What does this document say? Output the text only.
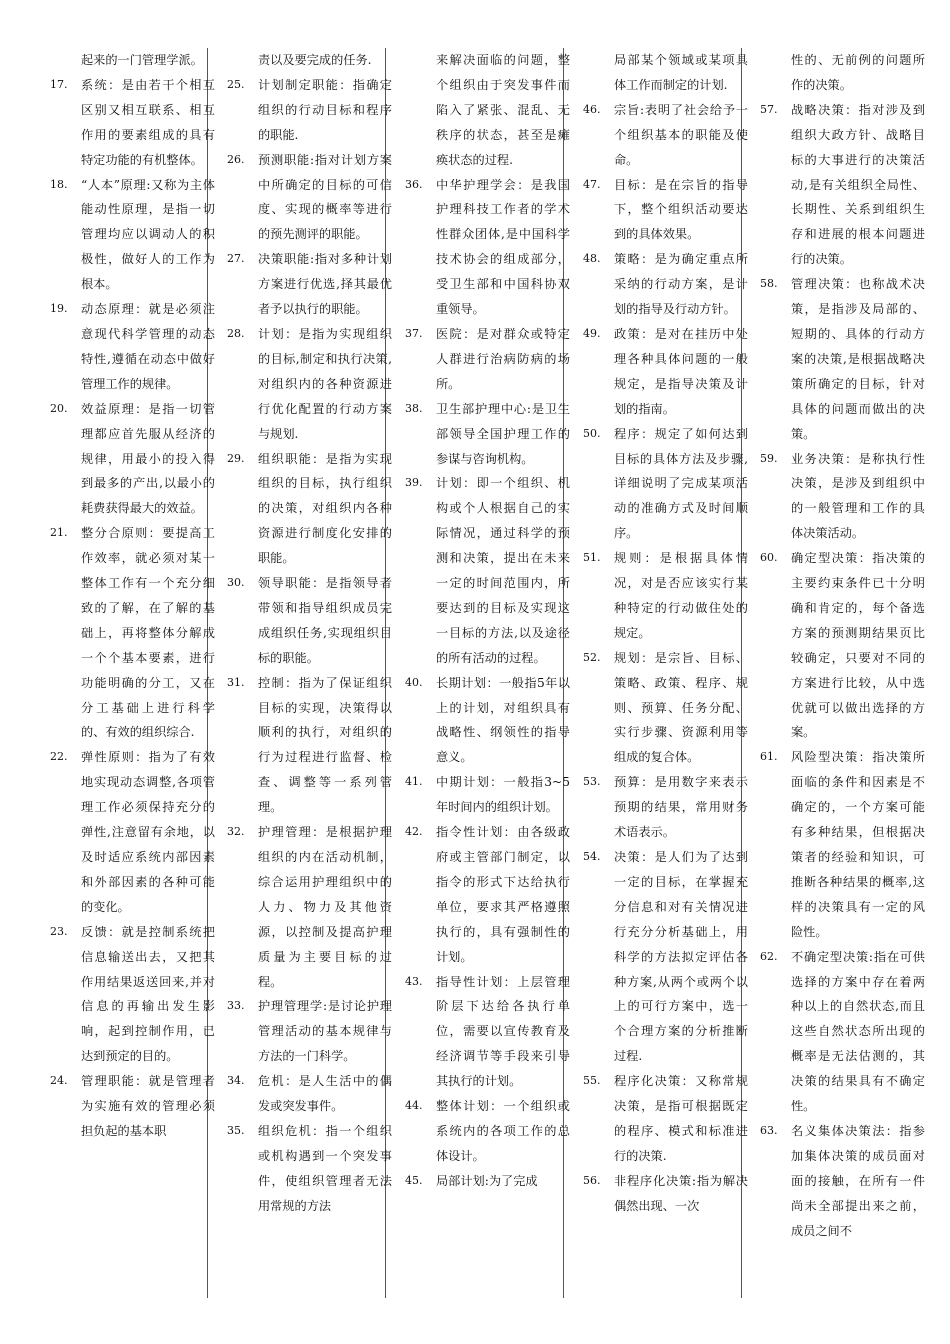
起来的一门管理学派。
17.	系统：是由若干个相互区别又相互联系、相互作用的要素组成的具有特定功能的有机整体。
18.	“人本”原理:又称为主体能动性原理，是指一切管理均应以调动人的积极性，做好人的工作为根本。
19.	动态原理：就是必须注意现代科学管理的动态特性,遵循在动态中做好管理工作的规律。
20.	效益原理：是指一切管理都应首先服从经济的规律，用最小的投入得到最多的产出,以最小的耗费获得最大的效益。
21.	整分合原则：要提高工作效率，就必须对某一整体工作有一个充分细致的了解，在了解的基础上，再将整体分解成一个个基本要素，进行功能明确的分工，又在分工基础上进行科学的、有效的组织综合.
22.	弹性原则：指为了有效地实现动态调整,各项管理工作必须保持充分的弹性,注意留有余地，以及时适应系统内部因素和外部因素的各种可能的变化。
23.	反馈：就是控制系统把信息输送出去，又把其作用结果返送回来,并对信息的再输出发生影响，起到控制作用，已达到预定的目的。
24.	管理职能：就是管理者为实施有效的管理必须担负起的基本职
责以及要完成的任务.
25.	计划制定职能：指确定组织的行动目标和程序的职能.
26.	预测职能:指对计划方案中所确定的目标的可信度、实现的概率等进行的预先测评的职能。
27.	决策职能:指对多种计划方案进行优选,择其最优者予以执行的职能。
28.	计划：是指为实现组织的目标,制定和执行决策,对组织内的各种资源进行优化配置的行动方案与规划.
29.	组织职能：是指为实现组织的目标，执行组织的决策，对组织内各种资源进行制度化安排的职能。
30.	领导职能：是指领导者带领和指导组织成员完成组织任务,实现组织目标的职能。
31.	控制：指为了保证组织目标的实现，决策得以顺利的执行，对组织的行为过程进行监督、检查、调整等一系列管理。
32.	护理管理：是根据护理组织的内在活动机制，综合运用护理组织中的人力、物力及其他资源，以控制及提高护理质量为主要目标的过程。
33.	护理管理学:是讨论护理管理活动的基本规律与方法的一门科学。
34.	危机：是人生活中的偶发或突发事件。
35.	组织危机：指一个组织或机构遇到一个突发事件，使组织管理者无法用常规的方法
来解决面临的问题，整个组织由于突发事件而陷入了紧张、混乱、无秩序的状态，甚至是瘫痪状态的过程.
36.	中华护理学会：是我国护理科技工作者的学术性群众团体,是中国科学技术协会的组成部分，受卫生部和中国科协双重领导。
37.	医院：是对群众或特定人群进行治病防病的场所。
38.	卫生部护理中心:是卫生部领导全国护理工作的参谋与咨询机构。
39.	计划：即一个组织、机构或个人根据自己的实际情况，通过科学的预测和决策，提出在未来一定的时间范围内，所要达到的目标及实现这一目标的方法,以及途径的所有活动的过程。
40.	长期计划：一般指5年以上的计划，对组织具有战略性、纲领性的指导意义。
41.	中期计划：一般指3~5年时间内的组织计划。
42.	指令性计划：由各级政府或主管部门制定，以指令的形式下达给执行单位，要求其严格遵照执行的，具有强制性的计划。
43.	指导性计划：上层管理阶层下达给各执行单位，需要以宣传教育及经济调节等手段来引导其执行的计划。
44.	整体计划：一个组织或系统内的各项工作的总体设计。
45.	局部计划:为了完成
局部某个领域或某项具体工作而制定的计划.
46.	宗旨:表明了社会给予一个组织基本的职能及使命。
47.	目标：是在宗旨的指导下，整个组织活动要达到的具体效果。
48.	策略：是为确定重点所采纳的行动方案，是计划的指导及行动方针。
49.	政策：是对在挂历中处理各种具体问题的一般规定，是指导决策及计划的指南。
50.	程序：规定了如何达到目标的具体方法及步骤,详细说明了完成某项活动的准确方式及时间顺序。
51.	规则：是根据具体情况，对是否应该实行某种特定的行动做住处的规定。
52.	规划：是宗旨、目标、策略、政策、程序、规则、预算、任务分配、实行步骤、资源利用等组成的复合体。
53.	预算：是用数字来表示预期的结果，常用财务术语表示。
54.	决策：是人们为了达到一定的目标，在掌握充分信息和对有关情况进行充分分析基础上，用科学的方法拟定评估各种方案,从两个或两个以上的可行方案中，选一个合理方案的分析推断过程.
55.	程序化决策：又称常规决策，是指可根据既定的程序、模式和标准进行的决策.
56.	非程序化决策:指为解决偶然出现、一次
性的、无前例的问题所作的决策。
57.	战略决策：指对涉及到组织大政方针、战略目标的大事进行的决策活动,是有关组织全局性、长期性、关系到组织生存和进展的根本问题进行的决策。
58.	管理决策：也称战术决策，是指涉及局部的、短期的、具体的行动方案的决策,是根据战略决策所确定的目标，针对具体的问题而做出的决策。
59.	业务决策：是称执行性决策，是涉及到组织中的一般管理和工作的具体决策活动。
60.	确定型决策：指决策的主要约束条件已十分明确和肯定的，每个备选方案的预测期结果页比较确定，只要对不同的方案进行比较，从中选优就可以做出选择的方案。
61.	风险型决策：指决策所面临的条件和因素是不确定的，一个方案可能有多种结果，但根据决策者的经验和知识，可推断各种结果的概率,这样的决策具有一定的风险性。
62.	不确定型决策:指在可供选择的方案中存在着两种以上的自然状态,而且这些自然状态所出现的概率是无法估测的，其决策的结果具有不确定性。
63.	名义集体决策法：指参加集体决策的成员面对面的接触，在所有一件尚未全部提出来之前，成员之间不
